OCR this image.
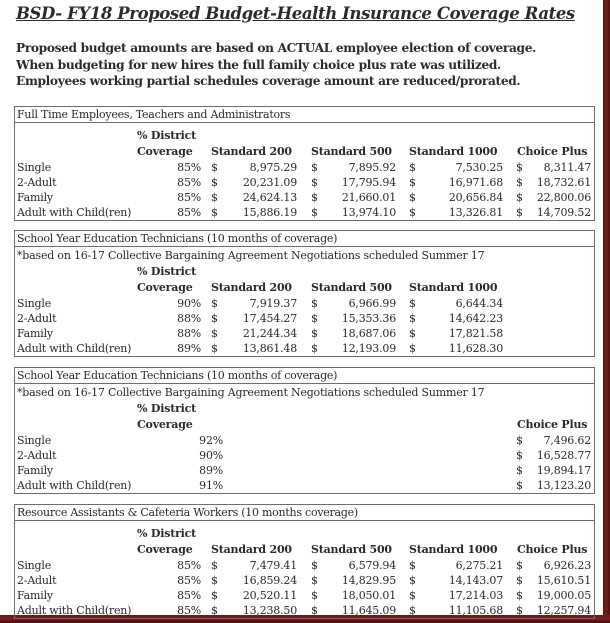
BSD- FY18 Proposed Budget-Health Insurance Coverage Rates
Proposed budget amounts are based on ACTUAL employee election of coverage.
When budgeting for new hires the full family choice plus rate was utilized.
Employees working partial schedules coverage amount are reduced/prorated.
Full Time Employees, Teachers and Administrators
% District
Coverage Standard 200 Standard 500 Standard 1000 Choice Plus
Single	85% $	8,975.29 $	7,895.92 $	7,530.25 $	8,311.47
2-Adult	85% $	20,231.09 $	17,795.94 $	16,971.68 $	18,732.61
Family	85% $	24,624.13 $	21,660.01 $	20,656.84 $	22,800.06
Adult with Child(ren)	85% $	15,886.19 $	13,974.10 $	13,326.81 $	14,709.52
School Year Education Technicians (10 months of coverage)
*based on 16-17 Collective Bargaining Agreement Negotiations scheduled Summer 17
% District
Coverage Standard 200 Standard 500 Standard 1000
Single	90% $	7,919.37 $	6,966.99 $	6,644.34
2-Adult	88% $	17,454.27 $	15,353.36 $	14,642.23
Family	88% $	21,244.34 $	18,687.06 $	17,821.58
Adult with Child(ren)	89% $	13,861.48 $	12,193.09 $	11,628.30
School Year Education Technicians (10 months of coverage)
*based on 16-17 Collective Bargaining Agreement Negotiations scheduled Summer 17
% District
Coverage	Choice Plus
Single	92%	$	7,496.62
2-Adult	90%	$	16,528.77
Family	89%	$	19,894.17
Adult with Child(ren)	91%	$	13,123.20
Resource Assistants & Cafeteria Workers (10 months coverage)
% District
Coverage Standard 200 Standard 500 Standard 1000 Choice Plus
Single	85% $	7,479.41 $	6,579.94 $	6,275.21 $	6,926.23
2-Adult	85% $	16,859.24 $	14,829.95 $	14,143.07 $	15,610.51
Family	85% $	20,520.11 $	18,050.01 $	17,214.03 $	19,000.05
Adult with Child(ren)	85% $	13,238.50 $	11,645.09 $	11,105.68 $	12,257.94
